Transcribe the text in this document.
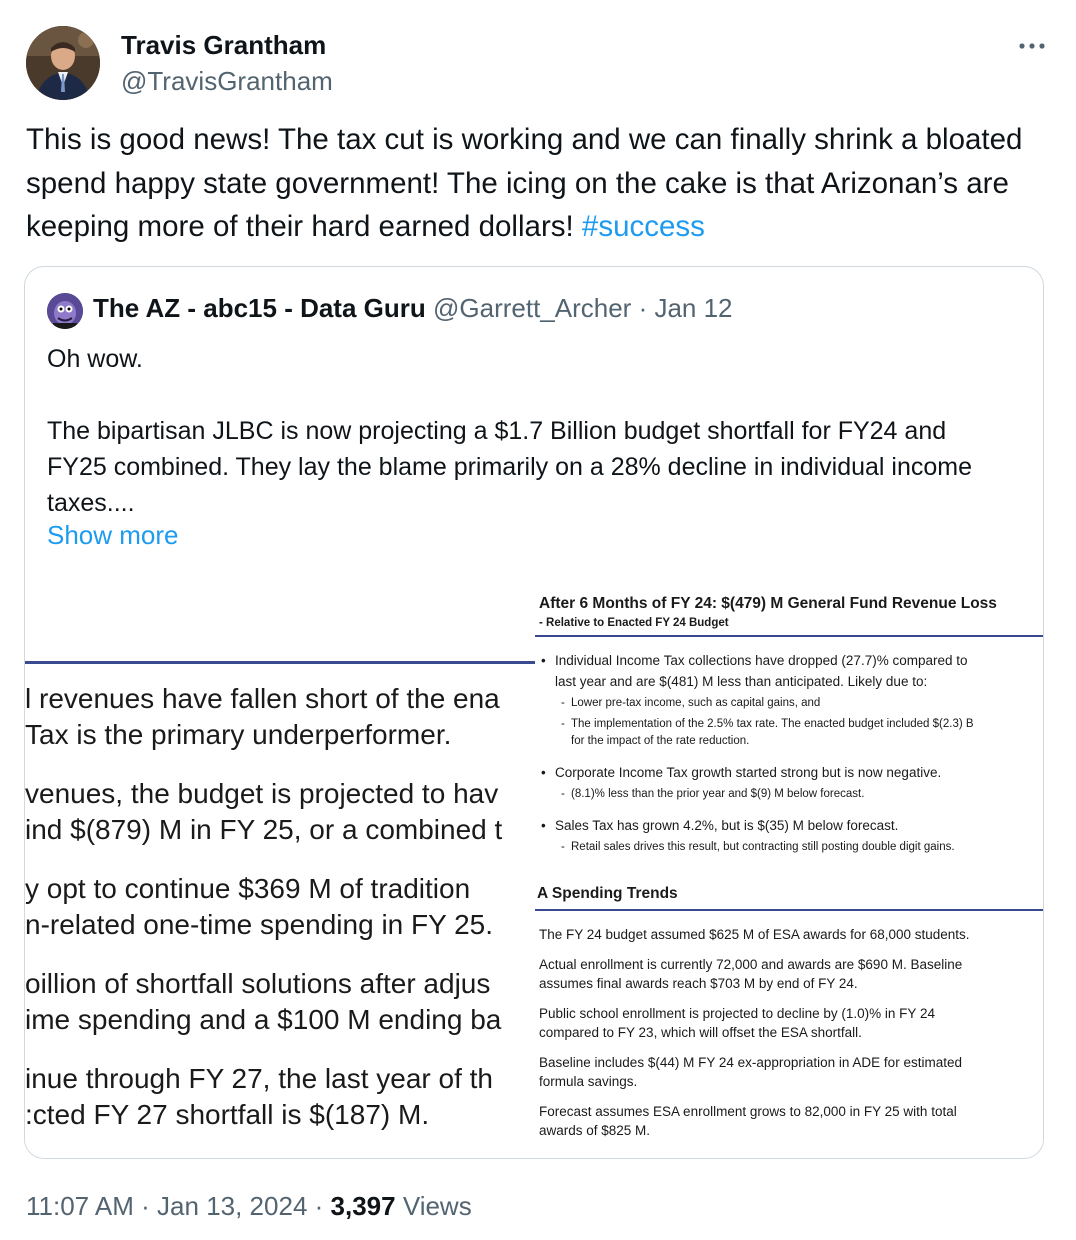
Travis Grantham
@TravisGrantham
This is good news! The tax cut is working and we can finally shrink a bloated spend happy state government! The icing on the cake is that Arizonan’s are keeping more of their hard earned dollars! #success
The AZ - abc15 - Data Guru @Garrett_Archer · Jan 12

Oh wow.

The bipartisan JLBC is now projecting a $1.7 Billion budget shortfall for FY24 and FY25 combined. They lay the blame primarily on a 28% decline in individual income taxes....

Show more
l revenues have fallen short of the ena
Tax is the primary underperformer.
venues, the budget is projected to hav
ind $(879) M in FY 25, or a combined t
y opt to continue $369 M of tradition
n-related one-time spending in FY 25.
oillion of shortfall solutions after adjus
ime spending and a $100 M ending ba
inue through FY 27, the last year of th
:cted FY 27 shortfall is $(187) M.
After 6 Months of FY 24: $(479) M General Fund Revenue Loss
- Relative to Enacted FY 24 Budget
• Individual Income Tax collections have dropped (27.7)% compared to
last year and are $(481) M less than anticipated. Likely due to:
- Lower pre-tax income, such as capital gains, and
- The implementation of the 2.5% tax rate. The enacted budget included $(2.3) B
for the impact of the rate reduction.
• Corporate Income Tax growth started strong but is now negative.
- (8.1)% less than the prior year and $(9) M below forecast.
• Sales Tax has grown 4.2%, but is $(35) M below forecast.
- Retail sales drives this result, but contracting still posting double digit gains.
A Spending Trends
The FY 24 budget assumed $625 M of ESA awards for 68,000 students.
Actual enrollment is currently 72,000 and awards are $690 M. Baseline
assumes final awards reach $703 M by end of FY 24.
Public school enrollment is projected to decline by (1.0)% in FY 24
compared to FY 23, which will offset the ESA shortfall.
Baseline includes $(44) M FY 24 ex-appropriation in ADE for estimated
formula savings.
Forecast assumes ESA enrollment grows to 82,000 in FY 25 with total
awards of $825 M.
11:07 AM · Jan 13, 2024 · 3,397 Views
